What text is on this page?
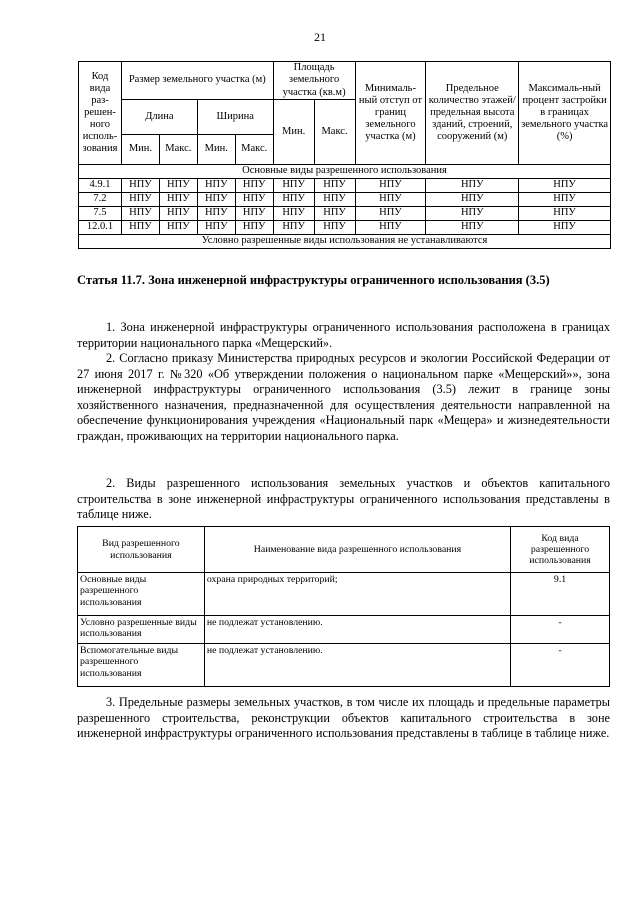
21
Код вида раз-решен-ного исполь-зования	Размер земельного участка (м)				Площадь земельного участка (кв.м)		Минималь-ный отступ от границ земельного участка (м)	Предельное количество этажей/ предельная высота зданий, строений, сооружений (м)	Максималь-ный процент застройки в границах земельного участка (%)
	Длина		Ширина		Мин.	Макс.			
	Мин.	Макс.	Мин.	Макс.					
Основные виды разрешенного использования									
4.9.1	НПУ	НПУ	НПУ	НПУ	НПУ	НПУ	НПУ	НПУ	НПУ
7.2	НПУ	НПУ	НПУ	НПУ	НПУ	НПУ	НПУ	НПУ	НПУ
7.5	НПУ	НПУ	НПУ	НПУ	НПУ	НПУ	НПУ	НПУ	НПУ
12.0.1	НПУ	НПУ	НПУ	НПУ	НПУ	НПУ	НПУ	НПУ	НПУ
Условно разрешенные виды использования не устанавливаются									
Статья 11.7. Зона инженерной инфраструктуры ограниченного использования (3.5)
1. Зона инженерной инфраструктуры ограниченного использования расположена в границах территории национального парка «Мещерский».
2. Согласно приказу Министерства природных ресурсов и экологии Российской Федерации от 27 июня 2017 г. №320 «Об утверждении положения о национальном парке «Мещерский»», зона инженерной инфраструктуры ограниченного использования (3.5) лежит в границе зоны хозяйственного назначения, предназначенной для осуществления деятельности направленной на обеспечение функционирования учреждения «Национальный парк «Мещера» и жизнедеятельности граждан, проживающих на территории национального парка.
2. Виды разрешенного использования земельных участков и объектов капитального строительства в зоне инженерной инфраструктуры ограниченного использования представлены в таблице ниже.
Вид разрешенного использования	Наименование вида разрешенного использования	Код вида разрешенного использования
Основные виды разрешенного использования	охрана природных территорий;	9.1
Условно разрешенные виды использования	не подлежат установлению.	-
Вспомогательные виды разрешенного использования	не подлежат установлению.	-
3. Предельные размеры земельных участков, в том числе их площадь и предельные параметры разрешенного строительства, реконструкции объектов капитального строительства в зоне инженерной инфраструктуры ограниченного использования представлены в таблице в таблице ниже.
